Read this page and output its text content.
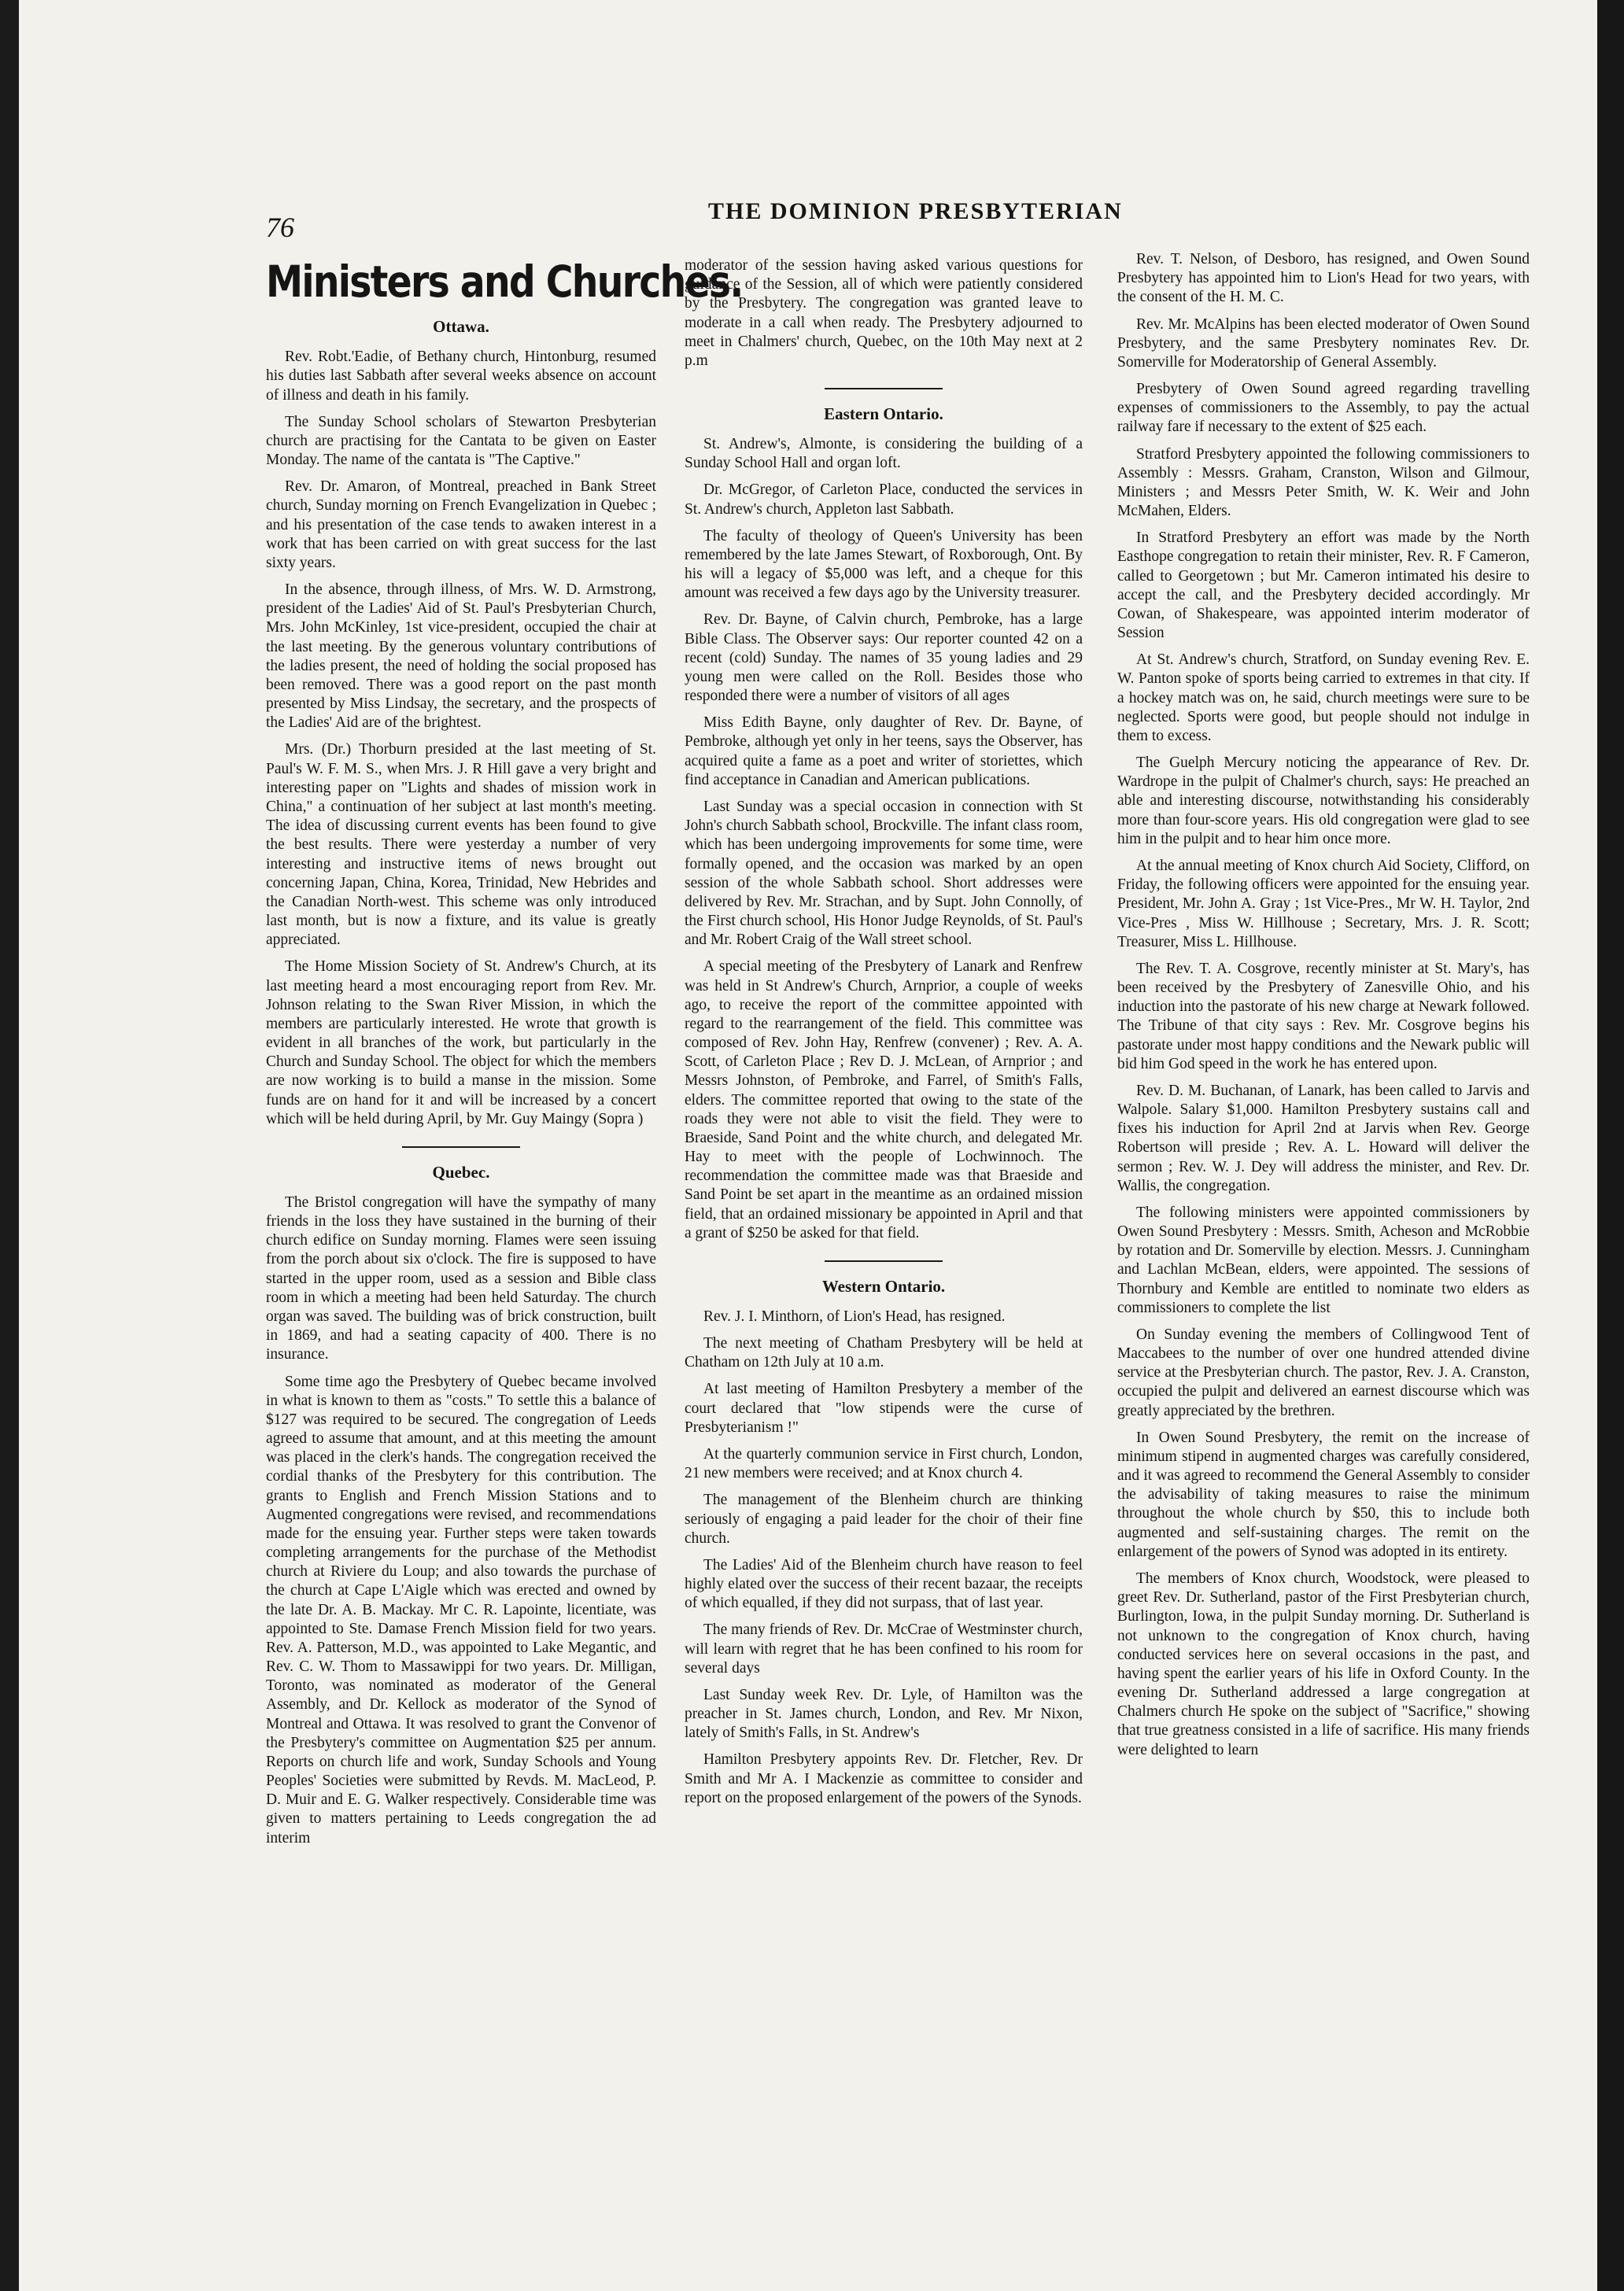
76
THE DOMINION PRESBYTERIAN
Ministers and Churches.
Ottawa.

Rev. Robt.'Eadie, of Bethany church, Hintonburg, resumed his duties last Sabbath after several weeks absence on account of illness and death in his family.

The Sunday School scholars of Stewarton Presbyterian church are practising for the Cantata to be given on Easter Monday. The name of the cantata is "The Captive."

Rev. Dr. Amaron, of Montreal, preached in Bank Street church, Sunday morning on French Evangelization in Quebec ; and his presentation of the case tends to awaken interest in a work that has been carried on with great success for the last sixty years.

In the absence, through illness, of Mrs. W. D. Armstrong, president of the Ladies' Aid of St. Paul's Presbyterian Church, Mrs. John McKinley, 1st vice-president, occupied the chair at the last meeting. By the generous voluntary contributions of the ladies present, the need of holding the social proposed has been removed. There was a good report on the past month presented by Miss Lindsay, the secretary, and the prospects of the Ladies' Aid are of the brightest.

Mrs. (Dr.) Thorburn presided at the last meeting of St. Paul's W. F. M. S., when Mrs. J. R Hill gave a very bright and interesting paper on "Lights and shades of mission work in China," a continuation of her subject at last month's meeting. The idea of discussing current events has been found to give the best results. There were yesterday a number of very interesting and instructive items of news brought out concerning Japan, China, Korea, Trinidad, New Hebrides and the Canadian North-west. This scheme was only introduced last month, but is now a fixture, and its value is greatly appreciated.

The Home Mission Society of St. Andrew's Church, at its last meeting heard a most encouraging report from Rev. Mr. Johnson relating to the Swan River Mission, in which the members are particularly interested. He wrote that growth is evident in all branches of the work, but particularly in the Church and Sunday School. The object for which the members are now working is to build a manse in the mission. Some funds are on hand for it and will be increased by a concert which will be held during April, by Mr. Guy Maingy (Sopra )

Quebec.

The Bristol congregation will have the sympathy of many friends in the loss they have sustained in the burning of their church edifice on Sunday morning. Flames were seen issuing from the porch about six o'clock. The fire is supposed to have started in the upper room, used as a session and Bible class room in which a meeting had been held Saturday. The church organ was saved. The building was of brick construction, built in 1869, and had a seating capacity of 400. There is no insurance.

Some time ago the Presbytery of Quebec became involved in what is known to them as "costs." To settle this a balance of $127 was required to be secured. The congregation of Leeds agreed to assume that amount, and at this meeting the amount was placed in the clerk's hands. The congregation received the cordial thanks of the Presbytery for this contribution. The grants to English and French Mission Stations and to Augmented congregations were revised, and recommendations made for the ensuing year. Further steps were taken towards completing arrangements for the purchase of the Methodist church at Riviere du Loup; and also towards the purchase of the church at Cape L'Aigle which was erected and owned by the late Dr. A. B. Mackay. Mr C. R. Lapointe, licentiate, was appointed to Ste. Damase French Mission field for two years. Rev. A. Patterson, M.D., was appointed to Lake Megantic, and Rev. C. W. Thom to Massawippi for two years. Dr. Milligan, Toronto, was nominated as moderator of the General Assembly, and Dr. Kellock as moderator of the Synod of Montreal and Ottawa. It was resolved to grant the Convenor of the Presbytery's committee on Augmentation $25 per annum. Reports on church life and work, Sunday Schools and Young Peoples' Societies were submitted by Revds. M. MacLeod, P. D. Muir and E. G. Walker respectively. Considerable time was given to matters pertaining to Leeds congregation the ad interim

moderator of the session having asked various questions for guidance of the Session, all of which were patiently considered by the Presbytery. The congregation was granted leave to moderate in a call when ready. The Presbytery adjourned to meet in Chalmers' church, Quebec, on the 10th May next at 2 p.m

Eastern Ontario.

St. Andrew's, Almonte, is considering the building of a Sunday School Hall and organ loft.

Dr. McGregor, of Carleton Place, conducted the services in St. Andrew's church, Appleton last Sabbath.

The faculty of theology of Queen's University has been remembered by the late James Stewart, of Roxborough, Ont. By his will a legacy of $5,000 was left, and a cheque for this amount was received a few days ago by the University treasurer.

Rev. Dr. Bayne, of Calvin church, Pembroke, has a large Bible Class. The Observer says: Our reporter counted 42 on a recent (cold) Sunday. The names of 35 young ladies and 29 young men were called on the Roll. Besides those who responded there were a number of visitors of all ages

Miss Edith Bayne, only daughter of Rev. Dr. Bayne, of Pembroke, although yet only in her teens, says the Observer, has acquired quite a fame as a poet and writer of storiettes, which find acceptance in Canadian and American publications.

Last Sunday was a special occasion in connection with St John's church Sabbath school, Brockville. The infant class room, which has been undergoing improvements for some time, were formally opened, and the occasion was marked by an open session of the whole Sabbath school. Short addresses were delivered by Rev. Mr. Strachan, and by Supt. John Connolly, of the First church school, His Honor Judge Reynolds, of St. Paul's and Mr. Robert Craig of the Wall street school.

A special meeting of the Presbytery of Lanark and Renfrew was held in St Andrew's Church, Arnprior, a couple of weeks ago, to receive the report of the committee appointed with regard to the rearrangement of the field. This committee was composed of Rev. John Hay, Renfrew (convener) ; Rev. A. A. Scott, of Carleton Place ; Rev D. J. McLean, of Arnprior ; and Messrs Johnston, of Pembroke, and Farrel, of Smith's Falls, elders. The committee reported that owing to the state of the roads they were not able to visit the field. They were to Braeside, Sand Point and the white church, and delegated Mr. Hay to meet with the people of Lochwinnoch. The recommendation the committee made was that Braeside and Sand Point be set apart in the meantime as an ordained mission field, that an ordained missionary be appointed in April and that a grant of $250 be asked for that field.

Western Ontario.

Rev. J. I. Minthorn, of Lion's Head, has resigned.

The next meeting of Chatham Presbytery will be held at Chatham on 12th July at 10 a.m.

At last meeting of Hamilton Presbytery a member of the court declared that "low stipends were the curse of Presbyterianism !"

At the quarterly communion service in First church, London, 21 new members were received; and at Knox church 4.

The management of the Blenheim church are thinking seriously of engaging a paid leader for the choir of their fine church.

The Ladies' Aid of the Blenheim church have reason to feel highly elated over the success of their recent bazaar, the receipts of which equalled, if they did not surpass, that of last year.

The many friends of Rev. Dr. McCrae of Westminster church, will learn with regret that he has been confined to his room for several days

Last Sunday week Rev. Dr. Lyle, of Hamilton was the preacher in St. James church, London, and Rev. Mr Nixon, lately of Smith's Falls, in St. Andrew's

Hamilton Presbytery appoints Rev. Dr. Fletcher, Rev. Dr Smith and Mr A. I Mackenzie as committee to consider and report on the proposed enlargement of the powers of the Synods.

Rev. T. Nelson, of Desboro, has resigned, and Owen Sound Presbytery has appointed him to Lion's Head for two years, with the consent of the H. M. C.

Rev. Mr. McAlpins has been elected moderator of Owen Sound Presbytery, and the same Presbytery nominates Rev. Dr. Somerville for Moderatorship of General Assembly.

Presbytery of Owen Sound agreed regarding travelling expenses of commissioners to the Assembly, to pay the actual railway fare if necessary to the extent of $25 each.

Stratford Presbytery appointed the following commissioners to Assembly : Messrs. Graham, Cranston, Wilson and Gilmour, Ministers ; and Messrs Peter Smith, W. K. Weir and John McMahen, Elders.

In Stratford Presbytery an effort was made by the North Easthope congregation to retain their minister, Rev. R. F Cameron, called to Georgetown ; but Mr. Cameron intimated his desire to accept the call, and the Presbytery decided accordingly. Mr Cowan, of Shakespeare, was appointed interim moderator of Session

At St. Andrew's church, Stratford, on Sunday evening Rev. E. W. Panton spoke of sports being carried to extremes in that city. If a hockey match was on, he said, church meetings were sure to be neglected. Sports were good, but people should not indulge in them to excess.

The Guelph Mercury noticing the appearance of Rev. Dr. Wardrope in the pulpit of Chalmer's church, says: He preached an able and interesting discourse, notwithstanding his considerably more than four-score years. His old congregation were glad to see him in the pulpit and to hear him once more.

At the annual meeting of Knox church Aid Society, Clifford, on Friday, the following officers were appointed for the ensuing year. President, Mr. John A. Gray ; 1st Vice-Pres., Mr W. H. Taylor, 2nd Vice-Pres , Miss W. Hillhouse ; Secretary, Mrs. J. R. Scott; Treasurer, Miss L. Hillhouse.

The Rev. T. A. Cosgrove, recently minister at St. Mary's, has been received by the Presbytery of Zanesville Ohio, and his induction into the pastorate of his new charge at Newark followed. The Tribune of that city says : Rev. Mr. Cosgrove begins his pastorate under most happy conditions and the Newark public will bid him God speed in the work he has entered upon.

Rev. D. M. Buchanan, of Lanark, has been called to Jarvis and Walpole. Salary $1,000. Hamilton Presbytery sustains call and fixes his induction for April 2nd at Jarvis when Rev. George Robertson will preside ; Rev. A. L. Howard will deliver the sermon ; Rev. W. J. Dey will address the minister, and Rev. Dr. Wallis, the congregation.

The following ministers were appointed commissioners by Owen Sound Presbytery : Messrs. Smith, Acheson and McRobbie by rotation and Dr. Somerville by election. Messrs. J. Cunningham and Lachlan McBean, elders, were appointed. The sessions of Thornbury and Kemble are entitled to nominate two elders as commissioners to complete the list

On Sunday evening the members of Collingwood Tent of Maccabees to the number of over one hundred attended divine service at the Presbyterian church. The pastor, Rev. J. A. Cranston, occupied the pulpit and delivered an earnest discourse which was greatly appreciated by the brethren.

In Owen Sound Presbytery, the remit on the increase of minimum stipend in augmented charges was carefully considered, and it was agreed to recommend the General Assembly to consider the advisability of taking measures to raise the minimum throughout the whole church by $50, this to include both augmented and self-sustaining charges. The remit on the enlargement of the powers of Synod was adopted in its entirety.

The members of Knox church, Woodstock, were pleased to greet Rev. Dr. Sutherland, pastor of the First Presbyterian church, Burlington, Iowa, in the pulpit Sunday morning. Dr. Sutherland is not unknown to the congregation of Knox church, having conducted services here on several occasions in the past, and having spent the earlier years of his life in Oxford County. In the evening Dr. Sutherland addressed a large congregation at Chalmers church He spoke on the subject of "Sacrifice," showing that true greatness consisted in a life of sacrifice. His many friends were delighted to learn
